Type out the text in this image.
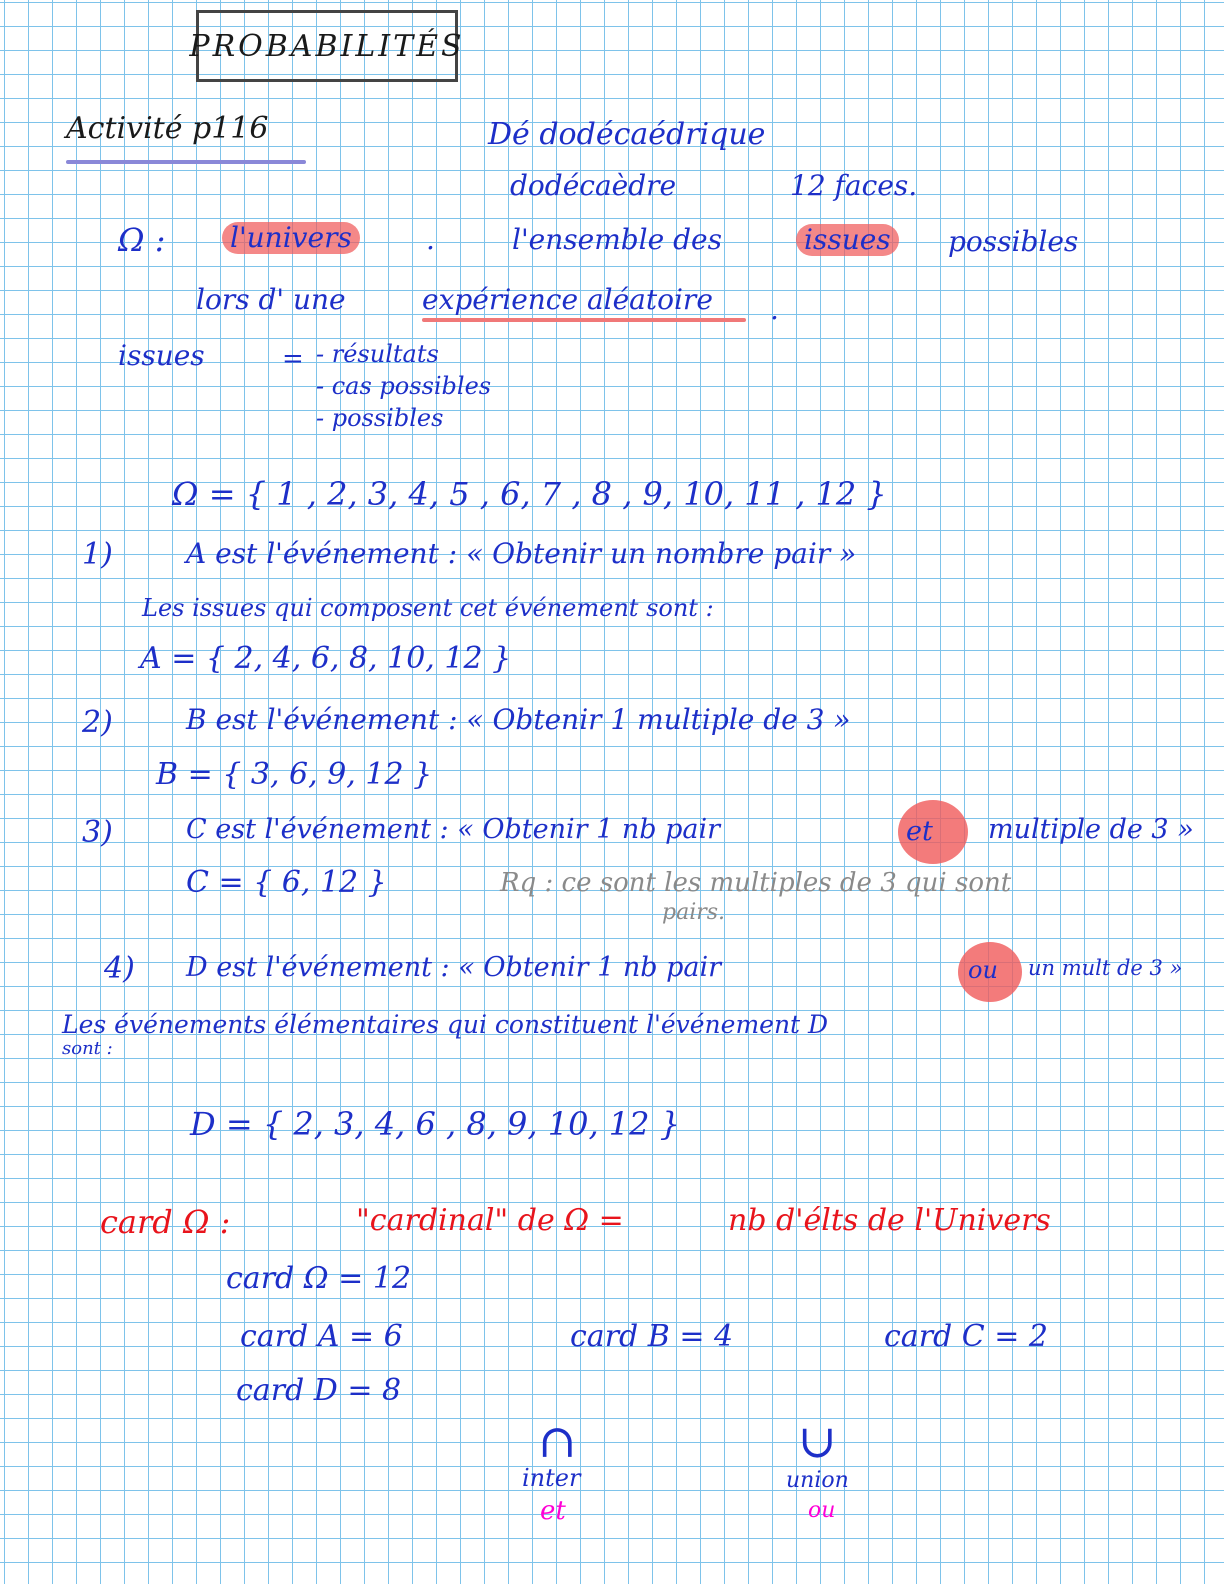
PROBABILITÉS
Activité p116	Dé dodécaédrique
dodécaèdre	12 faces.
Ω : l'univers	.	l'ensemble des	issues possibles
lors d' une	expérience aléatoire .
issues	= - résultats
- cas possibles
- possibles
Ω = { 1 , 2, 3, 4, 5 , 6, 7 , 8 , 9, 10, 11 , 12 }
1)	A est l'événement : « Obtenir un nombre pair »
Les issues qui composent cet événement sont :
A = { 2, 4, 6, 8, 10, 12 }
2)	B est l'événement : « Obtenir 1 multiple de 3 »
B = { 3, 6, 9, 12 }
3)	C est l'événement : « Obtenir 1 nb pair	et multiple de 3 »
C = { 6, 12 }	Rq : ce sont les multiples de 3 qui sont
pairs.
4) D est l'événement : « Obtenir 1 nb pair	ou un mult de 3 »
Les événements élémentaires qui constituent l'événement D
sont :
D = { 2, 3, 4, 6 , 8, 9, 10, 12 }
card Ω :	"cardinal" de Ω =	nb d'élts de l'Univers
card Ω = 12
card A = 6	card B = 4	card C = 2
card D = 8
∩
inter
et
∪
union
ou
